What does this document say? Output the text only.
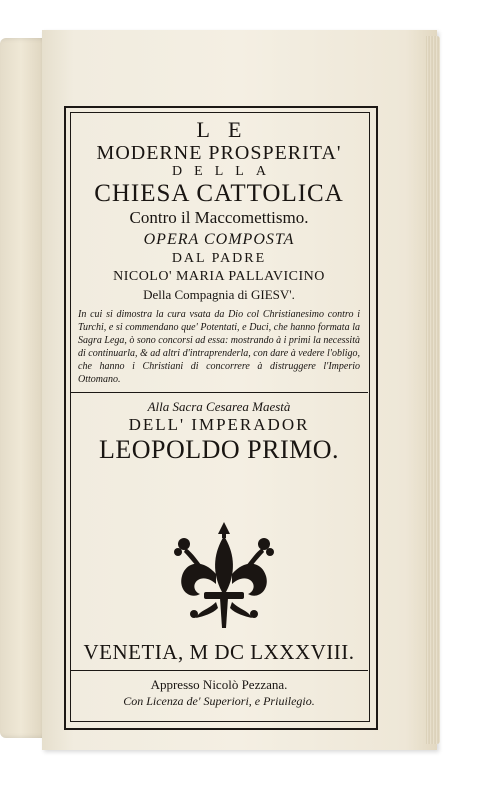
LE
MODERNE PROSPERITA'
DELLA
CHIESA CATTOLICA
Contro il Maccomettismo.
OPERA COMPOSTA
DAL PADRE
NICOLO' MARIA PALLAVICINO
Della Compagnia di GIESV'.
In cui si dimostra la cura vsata da Dio col Christianesimo contro i Turchi, e si commendano que' Potentati, e Duci, che hanno formata la Sagra Lega, ò sono concorsi ad essa: mostrando à i primi la necessità di continuarla, & ad altri d'intraprenderla, con dare à vedere l'obligo, che hanno i Christiani di concorrere à distruggere l'Imperio Ottomano.
Alla Sacra Cesarea Maestà
DELL' IMPERADOR
LEOPOLDO PRIMO.
VENETIA, M DC LXXXVIII.
Appresso Nicolò Pezzana.
Con Licenza de' Superiori, e Priuilegio.
